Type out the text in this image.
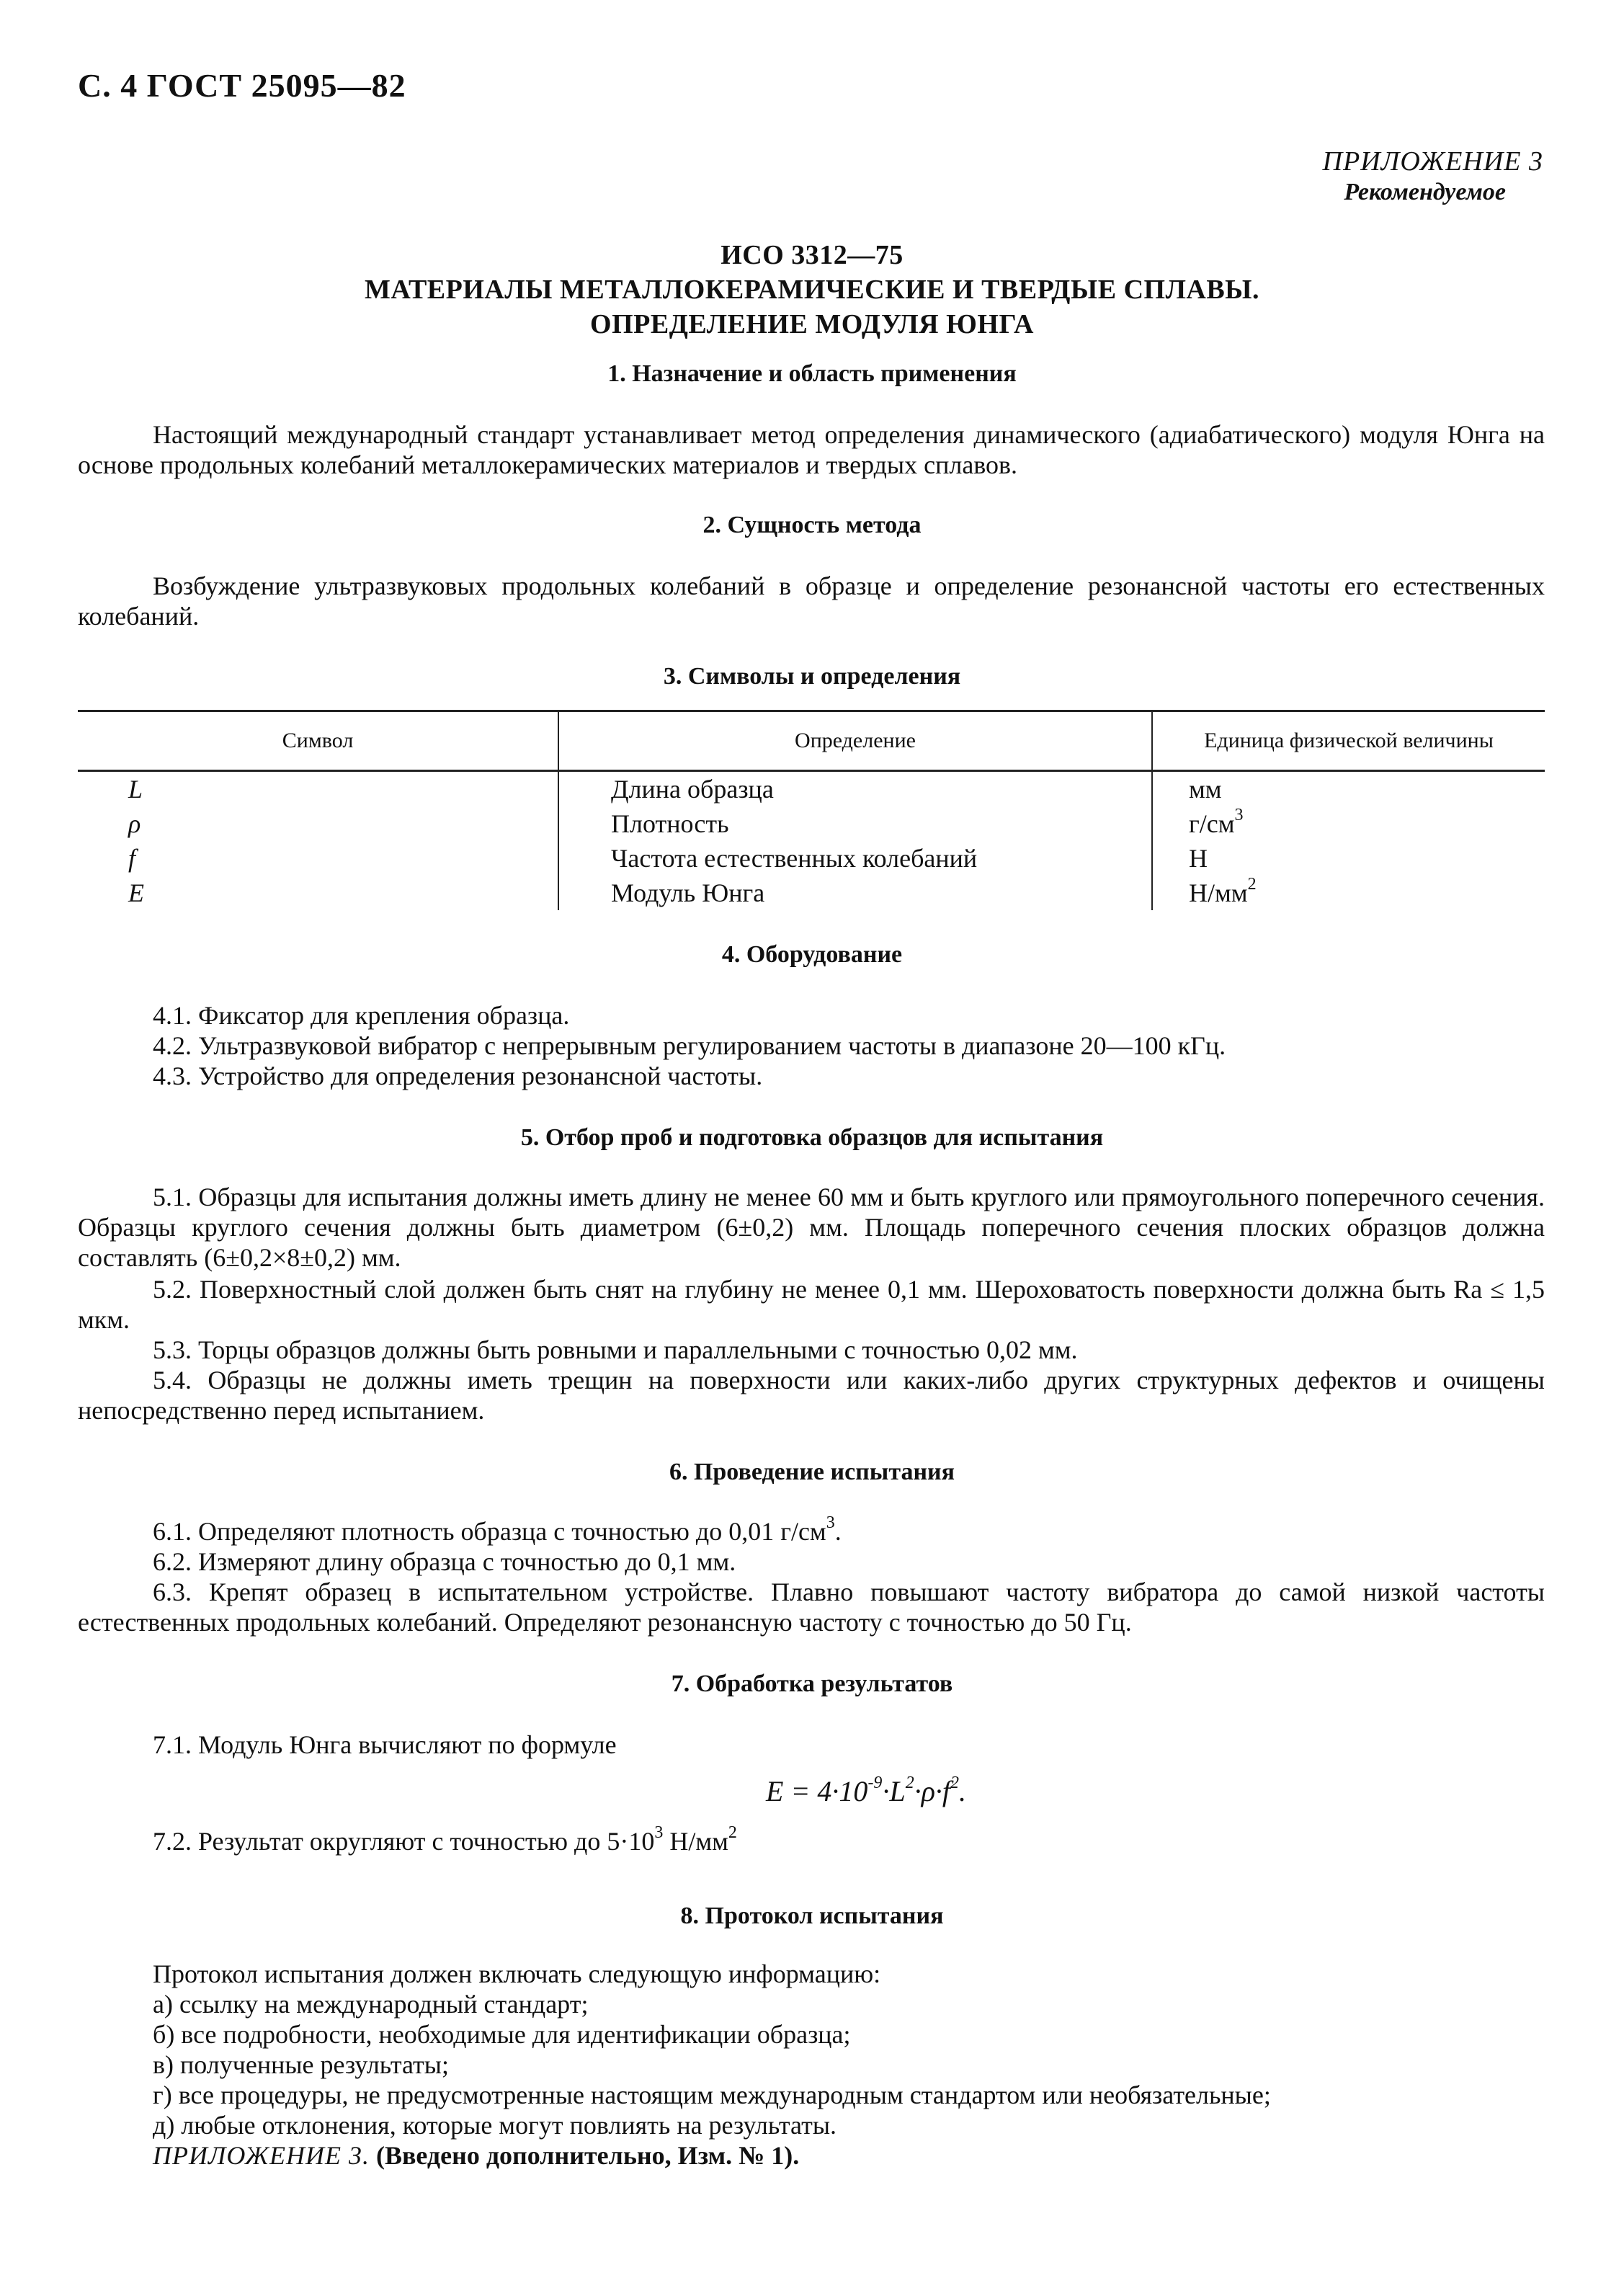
С. 4 ГОСТ 25095—82
ПРИЛОЖЕНИЕ 3
Рекомендуемое
ИСО 3312—75
МАТЕРИАЛЫ МЕТАЛЛОКЕРАМИЧЕСКИЕ И ТВЕРДЫЕ СПЛАВЫ.
ОПРЕДЕЛЕНИЕ МОДУЛЯ ЮНГА
1. Назначение и область применения
Настоящий международный стандарт устанавливает метод определения динамического (адиабатического) модуля Юнга на основе продольных колебаний металлокерамических материалов и твердых сплавов.
2. Сущность метода
Возбуждение ультразвуковых продольных колебаний в образце и определение резонансной частоты его естественных колебаний.
3. Символы и определения
Символ	Определение	Единица физической величины
L	Длина образца	мм
ρ	Плотность	$г/см^3$
f	Частота естественных колебаний	Н
E	Модуль Юнга	$Н/мм^2$
4. Оборудование
4.1. Фиксатор для крепления образца.
4.2. Ультразвуковой вибратор с непрерывным регулированием частоты в диапазоне 20—100 кГц.
4.3. Устройство для определения резонансной частоты.
5. Отбор проб и подготовка образцов для испытания
5.1. Образцы для испытания должны иметь длину не менее 60 мм и быть круглого или прямоугольного поперечного сечения. Образцы круглого сечения должны быть диаметром (6±0,2) мм. Площадь поперечного сечения плоских образцов должна составлять (6±0,2×8±0,2) мм.
5.2. Поверхностный слой должен быть снят на глубину не менее 0,1 мм. Шероховатость поверхности должна быть Ra ≤ 1,5 мкм.
5.3. Торцы образцов должны быть ровными и параллельными с точностью 0,02 мм.
5.4. Образцы не должны иметь трещин на поверхности или каких-либо других структурных дефектов и очищены непосредственно перед испытанием.
6. Проведение испытания
6.1. Определяют плотность образца с точностью до 0,01 $г/см^3$.
6.2. Измеряют длину образца с точностью до 0,1 мм.
6.3. Крепят образец в испытательном устройстве. Плавно повышают частоту вибратора до самой низкой частоты естественных продольных колебаний. Определяют резонансную частоту с точностью до 50 Гц.
7. Обработка результатов
7.1. Модуль Юнга вычисляют по формуле
$E = 4\cdot 10^{-9}\cdot L^2\cdot\rho\cdot f^2$.
7.2. Результат округляют с точностью до $5\cdot 10^3$ $Н/мм^2$
8. Протокол испытания
Протокол испытания должен включать следующую информацию:
а) ссылку на международный стандарт;
б) все подробности, необходимые для идентификации образца;
в) полученные результаты;
г) все процедуры, не предусмотренные настоящим международным стандартом или необязательные;
д) любые отклонения, которые могут повлиять на результаты.
ПРИЛОЖЕНИЕ 3. (Введено дополнительно, Изм. № 1).
